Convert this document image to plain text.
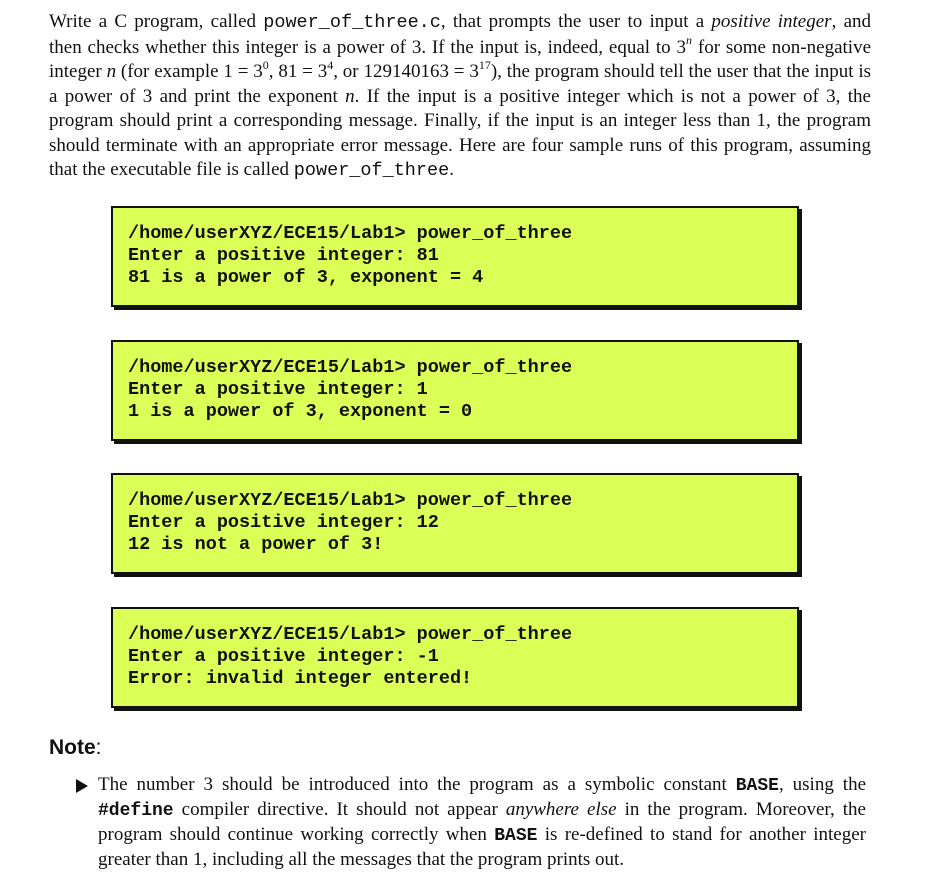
Write a C program, called power_of_three.c, that prompts the user to input a positive integer, and then checks whether this integer is a power of 3. If the input is, indeed, equal to 3$^n$ for some non-negative integer n (for example $1 = 3^0$, $81 = 3^4$, or $129140163 = 3^{17}$), the program should tell the user that the input is a power of 3 and print the exponent n. If the input is a positive integer which is not a power of 3, the program should print a corresponding message. Finally, if the input is an integer less than 1, the program should terminate with an appropriate error message. Here are four sample runs of this program, assuming that the executable file is called power_of_three.

/home/userXYZ/ECE15/Lab1> power_of_three
Enter a positive integer: 81
81 is a power of 3, exponent = 4
/home/userXYZ/ECE15/Lab1> power_of_three
Enter a positive integer: 1
1 is a power of 3, exponent = 0
/home/userXYZ/ECE15/Lab1> power_of_three
Enter a positive integer: 12
12 is not a power of 3!
/home/userXYZ/ECE15/Lab1> power_of_three
Enter a positive integer: -1
Error: invalid integer entered!
Note:
The number 3 should be introduced into the program as a symbolic constant BASE, using the #define compiler directive. It should not appear anywhere else in the program. Moreover, the program should continue working correctly when BASE is re-defined to stand for another integer greater than 1, including all the messages that the program prints out.
